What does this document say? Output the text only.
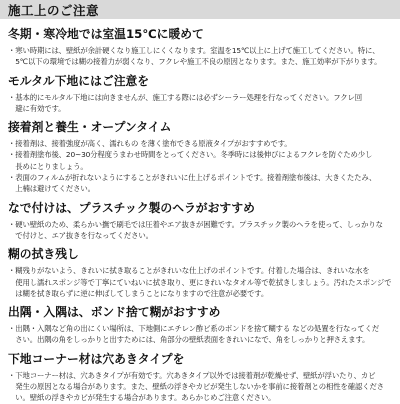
施工上のご注意
冬期・寒冷地では室温15℃に暖めて

・寒い時期には、壁紙が余計硬くなり施工しにくくなります。室温を15℃以上に上げて施工してください。特に、
　5℃以下の環境では糊の接着力が弱くなり、フクレや施工不良の原因となります。また、施工効率が下がります。

モルタル下地にはご注意を

・基本的にモルタル下地には向きませんが、施工する際には必ずシーラー処理を行なってください。フクレ回
　避に有効です。

接着剤と養生・オープンタイム

・接着剤は、接着強度が高く、濡れもの を薄く塗布できる原液タイプがおすすめです。
・接着剤塗布後、20~30分程度うまわせ時間をとってください。冬季時には後伸びによるフクレを防ぐため少し
　長めにとりましょう。
・表面のフィルムが折れないようにすることがきれいに仕上げるポイントです。接着剤塗布後は、大きくたたみ、
　上楠は避けてください。

なで付けは、プラスチック製のヘラがおすすめ

・硬い壁紙のため、柔らかい撫で刷毛では圧着やエア抜きが困難です。プラスチック製のヘラを使って、しっかりな
　で付けと、エア抜きを行なってください。

糊の拭き残し

・糊残りがないよう、きれいに拭き取ることがきれいな仕上げのポイントです。付着した場合は、きれいな水を
　使用し濡れスポンジ等で丁寧にていねいに拭き取り、更にきれいなタオル等で乾拭きしましょう。汚れたスポンジで
　は糊を拭き取らずに逆に伸ばしてしまうことになりますので注意が必要です。

出隅・入隅は、ボンド捨て糊がおすすめ

・出隅・入隅など角の出にくい場所は、下地側にエチレン酢ビ系のボンドを捨て糊する などの処置を行なってくだ
　さい。出隅の角をしっかりと出すためには、角部分の壁紙表面をきれいになで、角をしっかりと押さえます。

下地コーナー材は穴あきタイプを

・下地コーナー材は、穴あきタイプが有効です。穴あきタイプ以外では接着剤が乾燥せず、壁紙が浮いたり、カビ
　発生の原因となる場合があります。また、壁紙の浮きやカビが発生しないかを事前に接着剤との相性を確認くださ
　い。壁紙の浮きやカビが発生する場合があります。あらかじめご注意ください。
